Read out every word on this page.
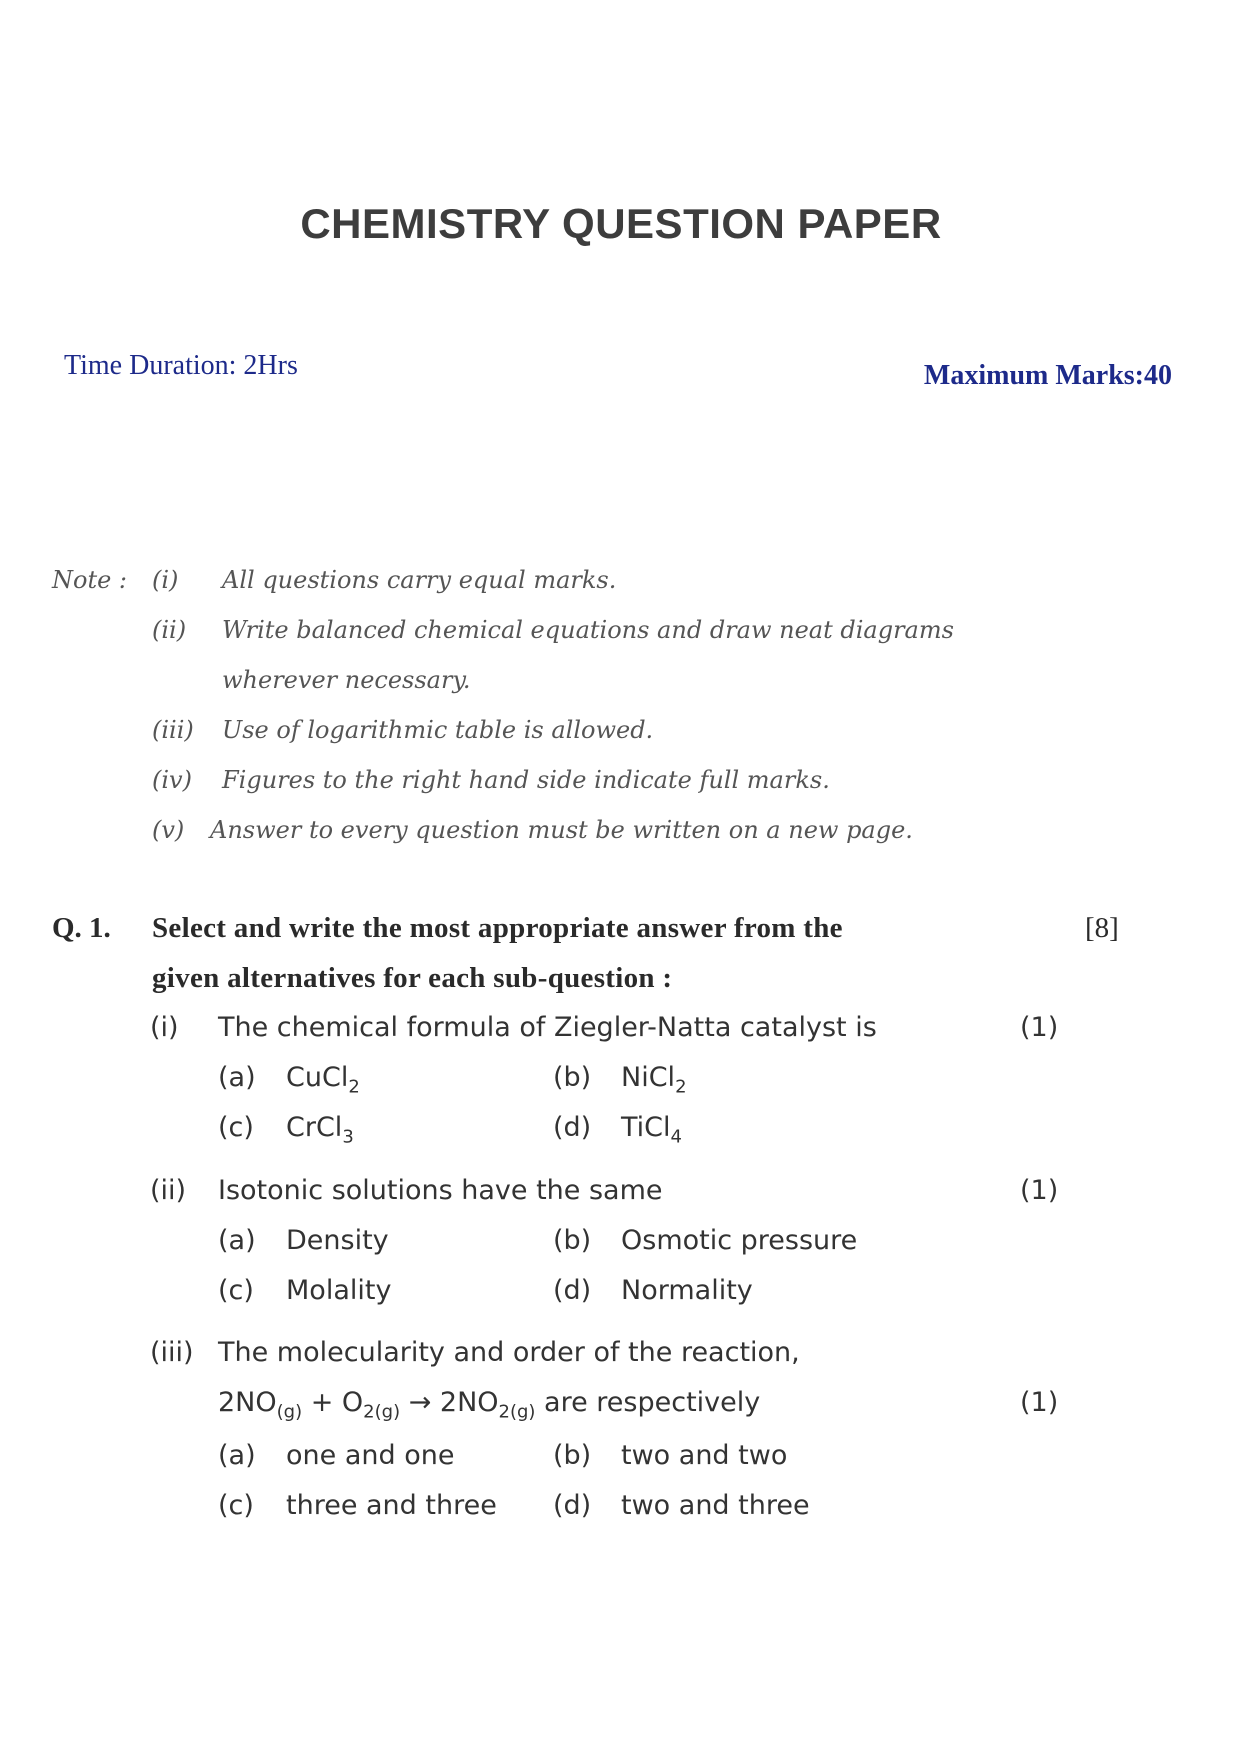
CHEMISTRY QUESTION PAPER
Time Duration: 2Hrs	Maximum Marks:40
Note : (i) All questions carry equal marks.
(ii) Write balanced chemical equations and draw neat diagrams
wherever necessary.
(iii) Use of logarithmic table is allowed.
(iv) Figures to the right hand side indicate full marks.
(v) Answer to every question must be written on a new page.
Q. 1. Select and write the most appropriate answer from the
given alternatives for each sub-question :
[8]
(i) The chemical formula of Ziegler-Natta catalyst is	(1)
(a) CuCl$_2$	(b) NiCl$_2$
(c) CrCl$_3$	(d) TiCl$_4$
(ii) Isotonic solutions have the same	(1)
(a) Density	(b) Osmotic pressure
(c) Molality	(d) Normality
(iii) The molecularity and order of the reaction,
$2NO_{(g)} + O_{2(g)} \to 2NO_{2(g)}$ are respectively	(1)
(a) one and one	(b) two and two
(c) three and three (d) two and three
